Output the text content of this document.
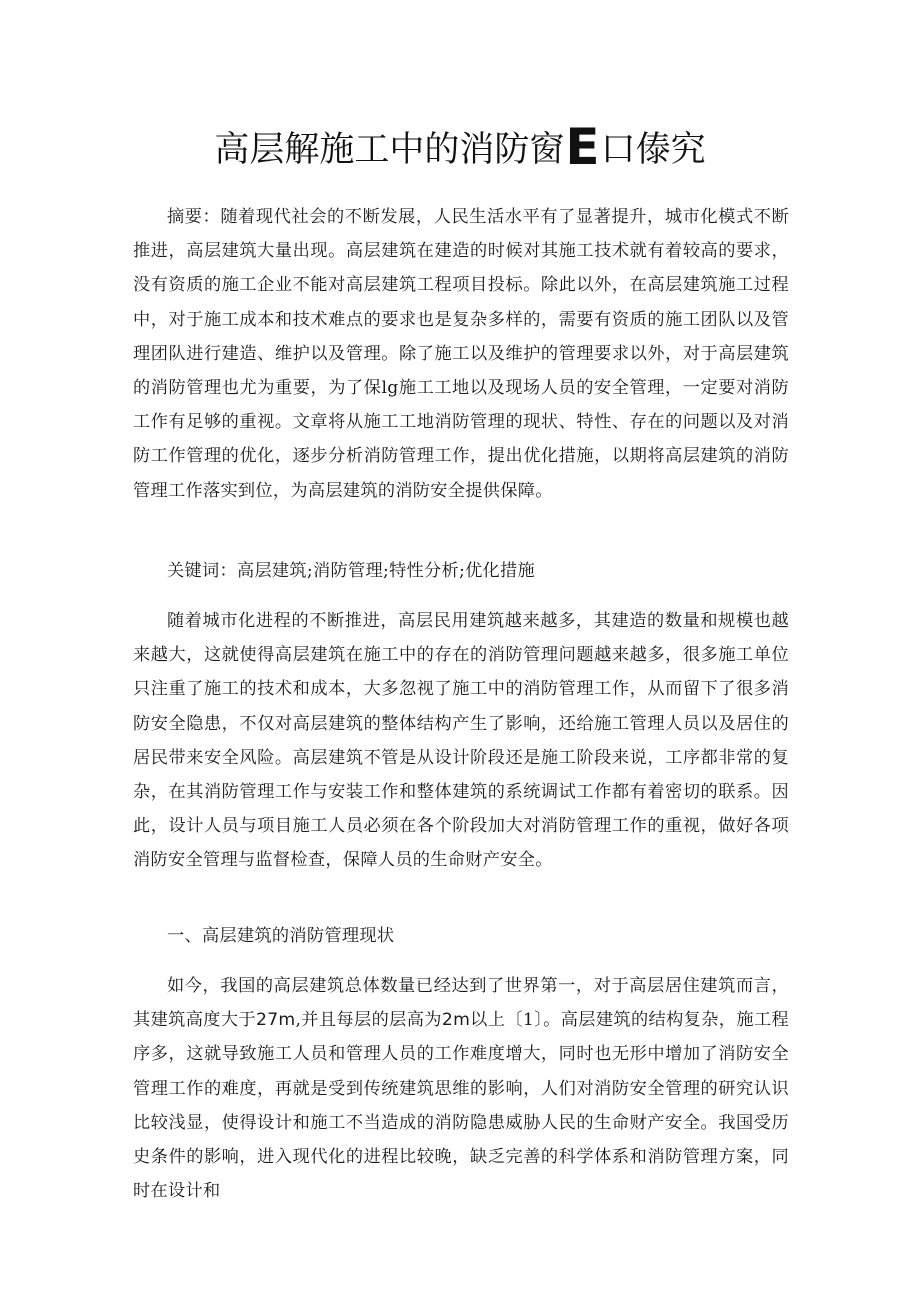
高层解施工中的消防窗E口傣究

摘要：随着现代社会的不断发展，人民生活水平有了显著提升，城市化模式不断推进，高层建筑大量出现。高层建筑在建造的时候对其施工技术就有着较高的要求，没有资质的施工企业不能对高层建筑工程项目投标。除此以外，在高层建筑施工过程中，对于施工成本和技术难点的要求也是复杂多样的，需要有资质的施工团队以及管理团队进行建造、维护以及管理。除了施工以及维护的管理要求以外，对于高层建筑的消防管理也尤为重要，为了保lg施工工地以及现场人员的安全管理，一定要对消防工作有足够的重视。文章将从施工工地消防管理的现状、特性、存在的问题以及对消防工作管理的优化，逐步分析消防管理工作，提出优化措施，以期将高层建筑的消防管理工作落实到位，为高层建筑的消防安全提供保障。

关键词：高层建筑;消防管理;特性分析;优化措施

随着城市化进程的不断推进，高层民用建筑越来越多，其建造的数量和规模也越来越大，这就使得高层建筑在施工中的存在的消防管理问题越来越多，很多施工单位只注重了施工的技术和成本，大多忽视了施工中的消防管理工作，从而留下了很多消防安全隐患，不仅对高层建筑的整体结构产生了影响，还给施工管理人员以及居住的居民带来安全风险。高层建筑不管是从设计阶段还是施工阶段来说，工序都非常的复杂，在其消防管理工作与安装工作和整体建筑的系统调试工作都有着密切的联系。因此，设计人员与项目施工人员必须在各个阶段加大对消防管理工作的重视，做好各项消防安全管理与监督检查，保障人员的生命财产安全。

一、高层建筑的消防管理现状

如今，我国的高层建筑总体数量已经达到了世界第一，对于高层居住建筑而言，其建筑高度大于27m,并且每层的层高为2m以上〔1〕。高层建筑的结构复杂，施工程序多，这就导致施工人员和管理人员的工作难度增大，同时也无形中增加了消防安全管理工作的难度，再就是受到传统建筑思维的影响，人们对消防安全管理的研究认识比较浅显，使得设计和施工不当造成的消防隐患威胁人民的生命财产安全。我国受历史条件的影响，进入现代化的进程比较晚，缺乏完善的科学体系和消防管理方案，同时在设计和
